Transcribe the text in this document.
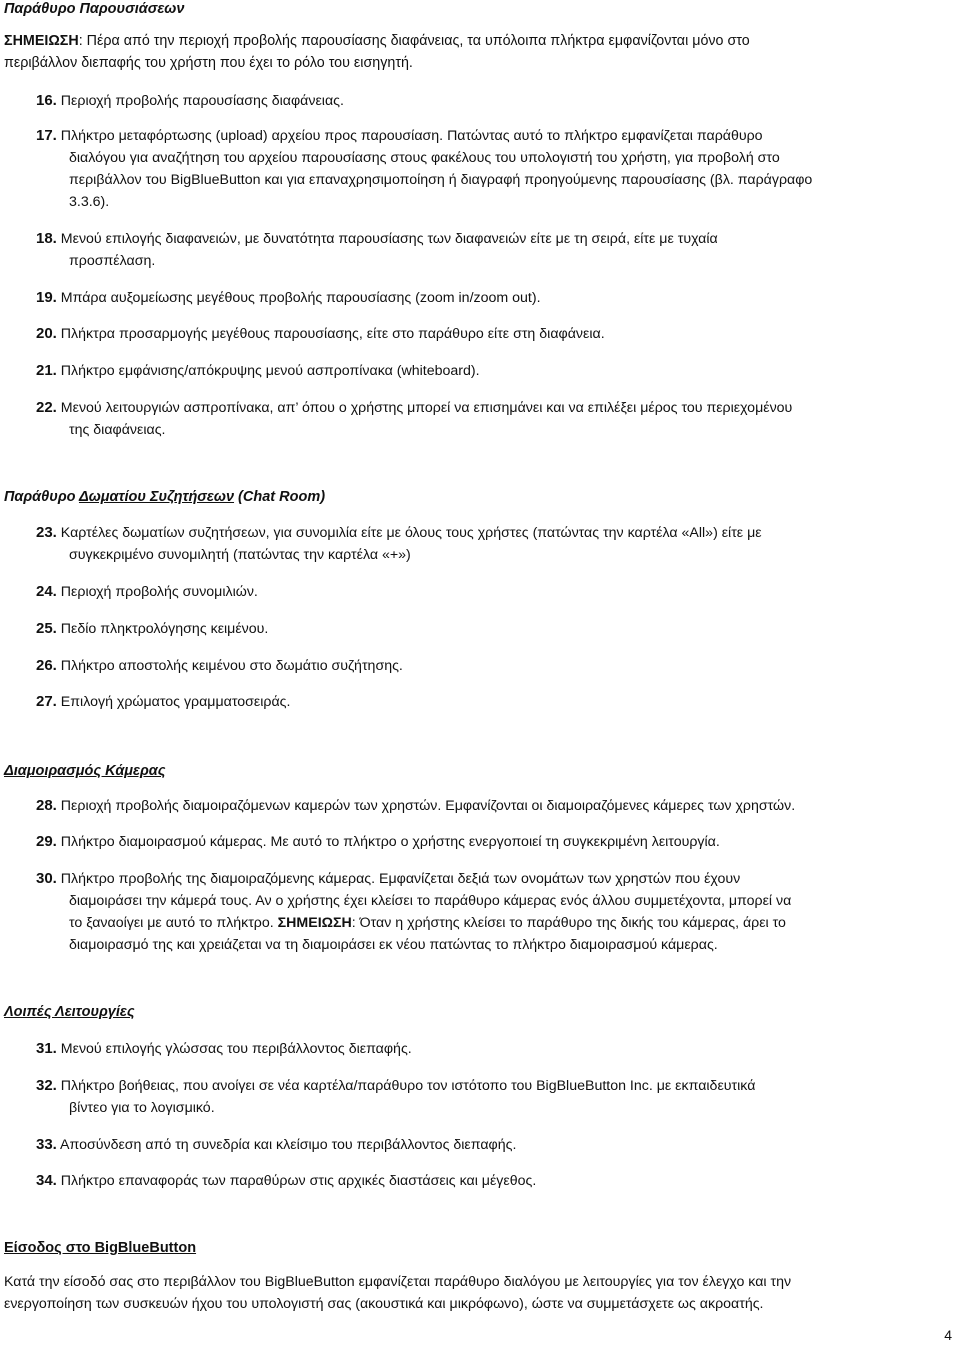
Παράθυρο Παρουσιάσεων

ΣΗΜΕΙΩΣΗ: Πέρα από την περιοχή προβολής παρουσίασης διαφάνειας, τα υπόλοιπα πλήκτρα εμφανίζονται μόνο στο
περιβάλλον διεπαφής του χρήστη που έχει το ρόλο του εισηγητή.

16. Περιοχή προβολής παρουσίασης διαφάνειας.

17. Πλήκτρο μεταφόρτωσης (upload) αρχείου προς παρουσίαση. Πατώντας αυτό το πλήκτρο εμφανίζεται παράθυρο
διαλόγου για αναζήτηση του αρχείου παρουσίασης στους φακέλους του υπολογιστή του χρήστη, για προβολή στο
περιβάλλον του BigBlueButton και για επαναχρησιμοποίηση ή διαγραφή προηγούμενης παρουσίασης (βλ. παράγραφο
3.3.6).

18. Μενού επιλογής διαφανειών, με δυνατότητα παρουσίασης των διαφανειών είτε με τη σειρά, είτε με τυχαία
προσπέλαση.

19. Μπάρα αυξομείωσης μεγέθους προβολής παρουσίασης (zoom in/zoom out).

20. Πλήκτρα προσαρμογής μεγέθους παρουσίασης, είτε στο παράθυρο είτε στη διαφάνεια.

21. Πλήκτρο εμφάνισης/απόκρυψης μενού ασπροπίνακα (whiteboard).

22. Μενού λειτουργιών ασπροπίνακα, απ’ όπου ο χρήστης μπορεί να επισημάνει και να επιλέξει μέρος του περιεχομένου
της διαφάνειας.

Παράθυρο Δωματίου Συζητήσεων (Chat Room)

23. Καρτέλες δωματίων συζητήσεων, για συνομιλία είτε με όλους τους χρήστες (πατώντας την καρτέλα «All») είτε με
συγκεκριμένο συνομιλητή (πατώντας την καρτέλα «+»)

24. Περιοχή προβολής συνομιλιών.

25. Πεδίο πληκτρολόγησης κειμένου.

26. Πλήκτρο αποστολής κειμένου στο δωμάτιο συζήτησης.

27. Επιλογή χρώματος γραμματοσειράς.

Διαμοιρασμός Κάμερας

28. Περιοχή προβολής διαμοιραζόμενων καμερών των χρηστών. Εμφανίζονται οι διαμοιραζόμενες κάμερες των χρηστών.

29. Πλήκτρο διαμοιρασμού κάμερας. Με αυτό το πλήκτρο ο χρήστης ενεργοποιεί τη συγκεκριμένη λειτουργία.

30. Πλήκτρο προβολής της διαμοιραζόμενης κάμερας. Εμφανίζεται δεξιά των ονομάτων των χρηστών που έχουν
διαμοιράσει την κάμερά τους. Αν ο χρήστης έχει κλείσει το παράθυρο κάμερας ενός άλλου συμμετέχοντα, μπορεί να
το ξαναοίγει με αυτό το πλήκτρο. ΣΗΜΕΙΩΣΗ: Όταν η χρήστης κλείσει το παράθυρο της δικής του κάμερας, άρει το
διαμοιρασμό της και χρειάζεται να τη διαμοιράσει εκ νέου πατώντας το πλήκτρο διαμοιρασμού κάμερας.

Λοιπές Λειτουργίες

31. Μενού επιλογής γλώσσας του περιβάλλοντος διεπαφής.

32. Πλήκτρο βοήθειας, που ανοίγει σε νέα καρτέλα/παράθυρο τον ιστότοπο του BigBlueButton Inc. με εκπαιδευτικά
βίντεο για το λογισμικό.

33. Αποσύνδεση από τη συνεδρία και κλείσιμο του περιβάλλοντος διεπαφής.

34. Πλήκτρο επαναφοράς των παραθύρων στις αρχικές διαστάσεις και μέγεθος.

Είσοδος στο BigBlueButton

Κατά την είσοδό σας στο περιβάλλον του BigBlueButton εμφανίζεται παράθυρο διαλόγου με λειτουργίες για τον έλεγχο και την
ενεργοποίηση των συσκευών ήχου του υπολογιστή σας (ακουστικά και μικρόφωνο), ώστε να συμμετάσχετε ως ακροατής.

4
